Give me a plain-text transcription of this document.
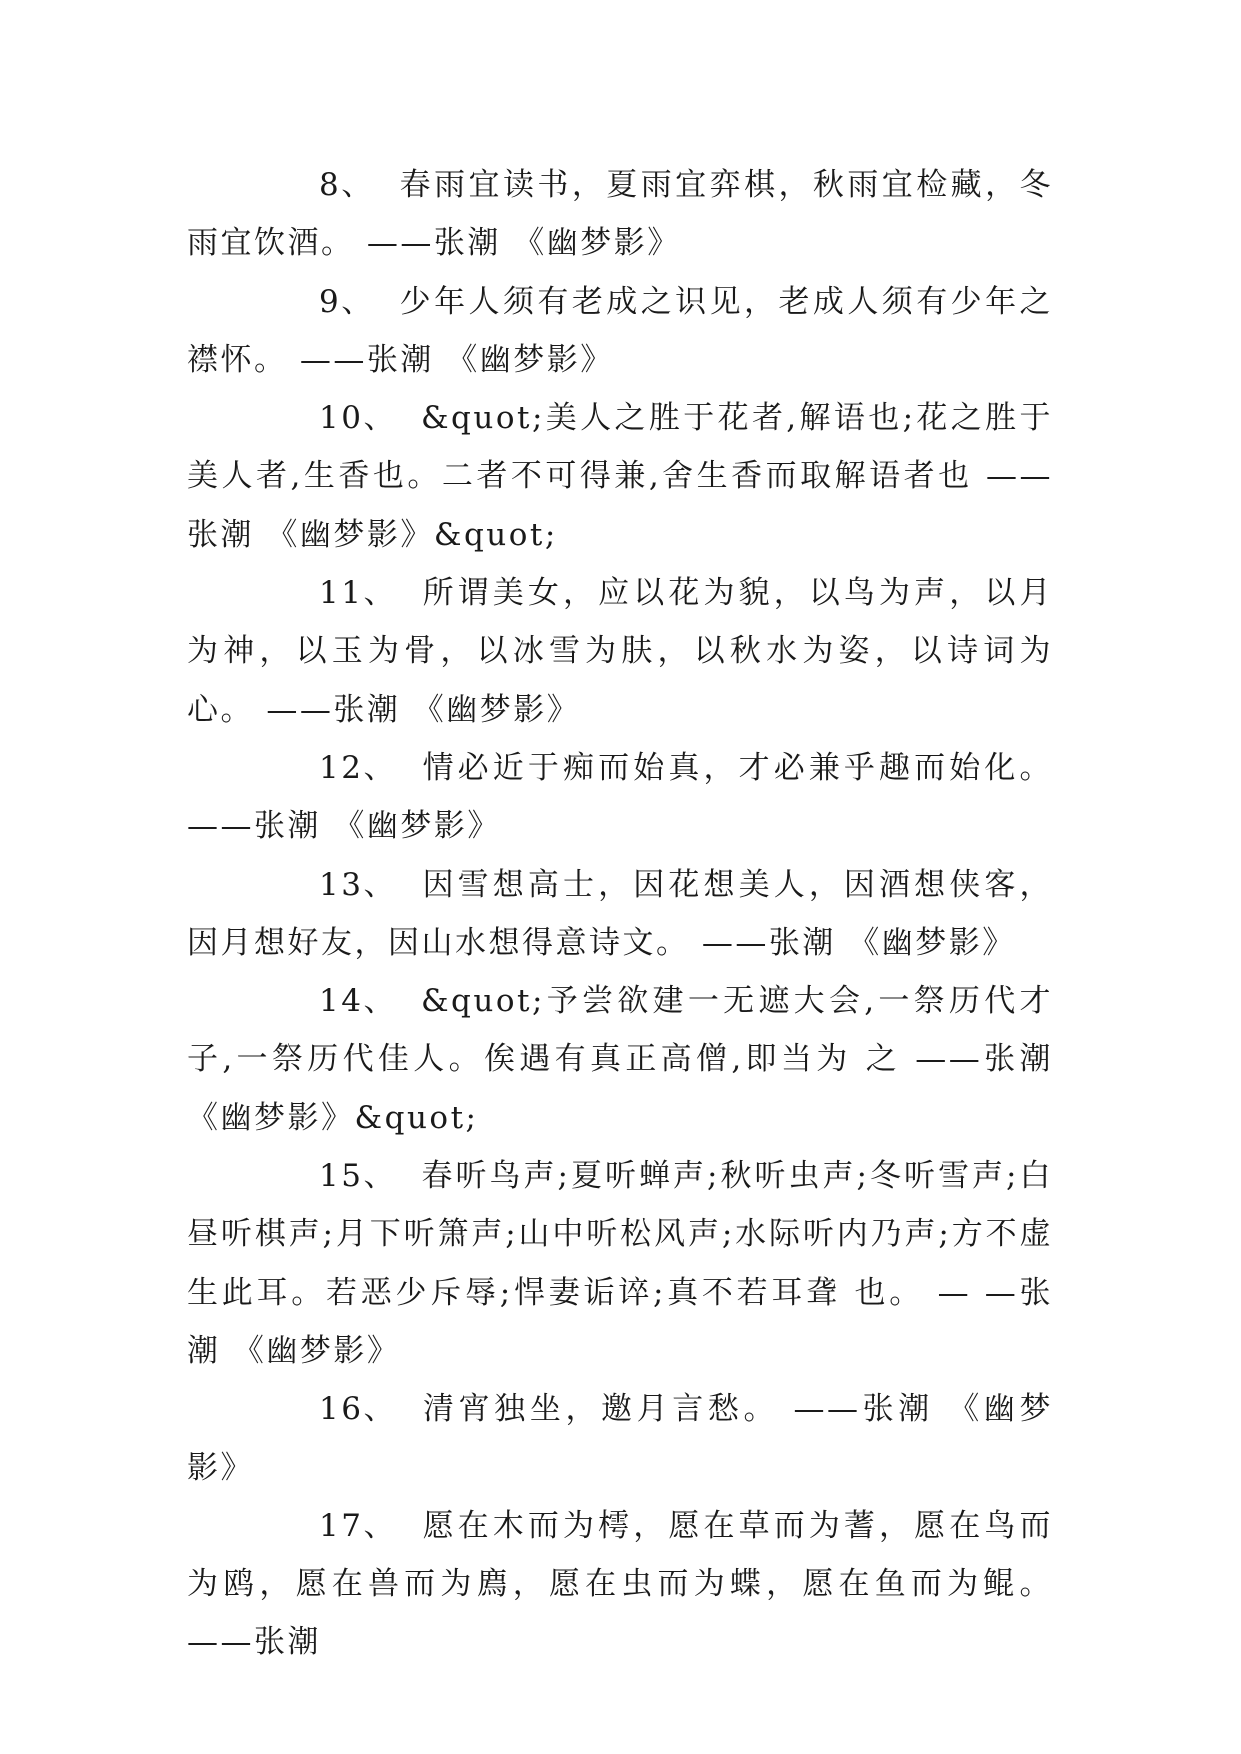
8、 春雨宜读书，夏雨宜弈棋，秋雨宜检藏，冬雨宜饮酒。 ——张潮 《幽梦影》

9、 少年人须有老成之识见，老成人须有少年之襟怀。 ——张潮 《幽梦影》

10、 &quot;美人之胜于花者,解语也;花之胜于美人者,生香也。二者不可得兼,舍生香而取解语者也 ——张潮 《幽梦影》&quot;

11、 所谓美女，应以花为貌，以鸟为声，以月为神，以玉为骨，以冰雪为肤，以秋水为姿，以诗词为心。 ——张潮 《幽梦影》

12、 情必近于痴而始真，才必兼乎趣而始化。 ——张潮 《幽梦影》

13、 因雪想高士，因花想美人，因酒想侠客，因月想好友，因山水想得意诗文。 ——张潮 《幽梦影》

14、 &quot;予尝欲建一无遮大会,一祭历代才子,一祭历代佳人。俟遇有真正高僧,即当为 之 ——张潮 《幽梦影》&quot;

15、 春听鸟声;夏听蝉声;秋听虫声;冬听雪声;白昼听棋声;月下听箫声;山中听松风声;水际听内乃声;方不虚生此耳。若恶少斥辱;悍妻诟谇;真不若耳聋 也。 — —张潮 《幽梦影》

16、 清宵独坐，邀月言愁。 ——张潮 《幽梦影》

17、 愿在木而为樗，愿在草而为蓍，愿在鸟而为鸥，愿在兽而为廌，愿在虫而为蝶，愿在鱼而为鲲。 ——张潮
